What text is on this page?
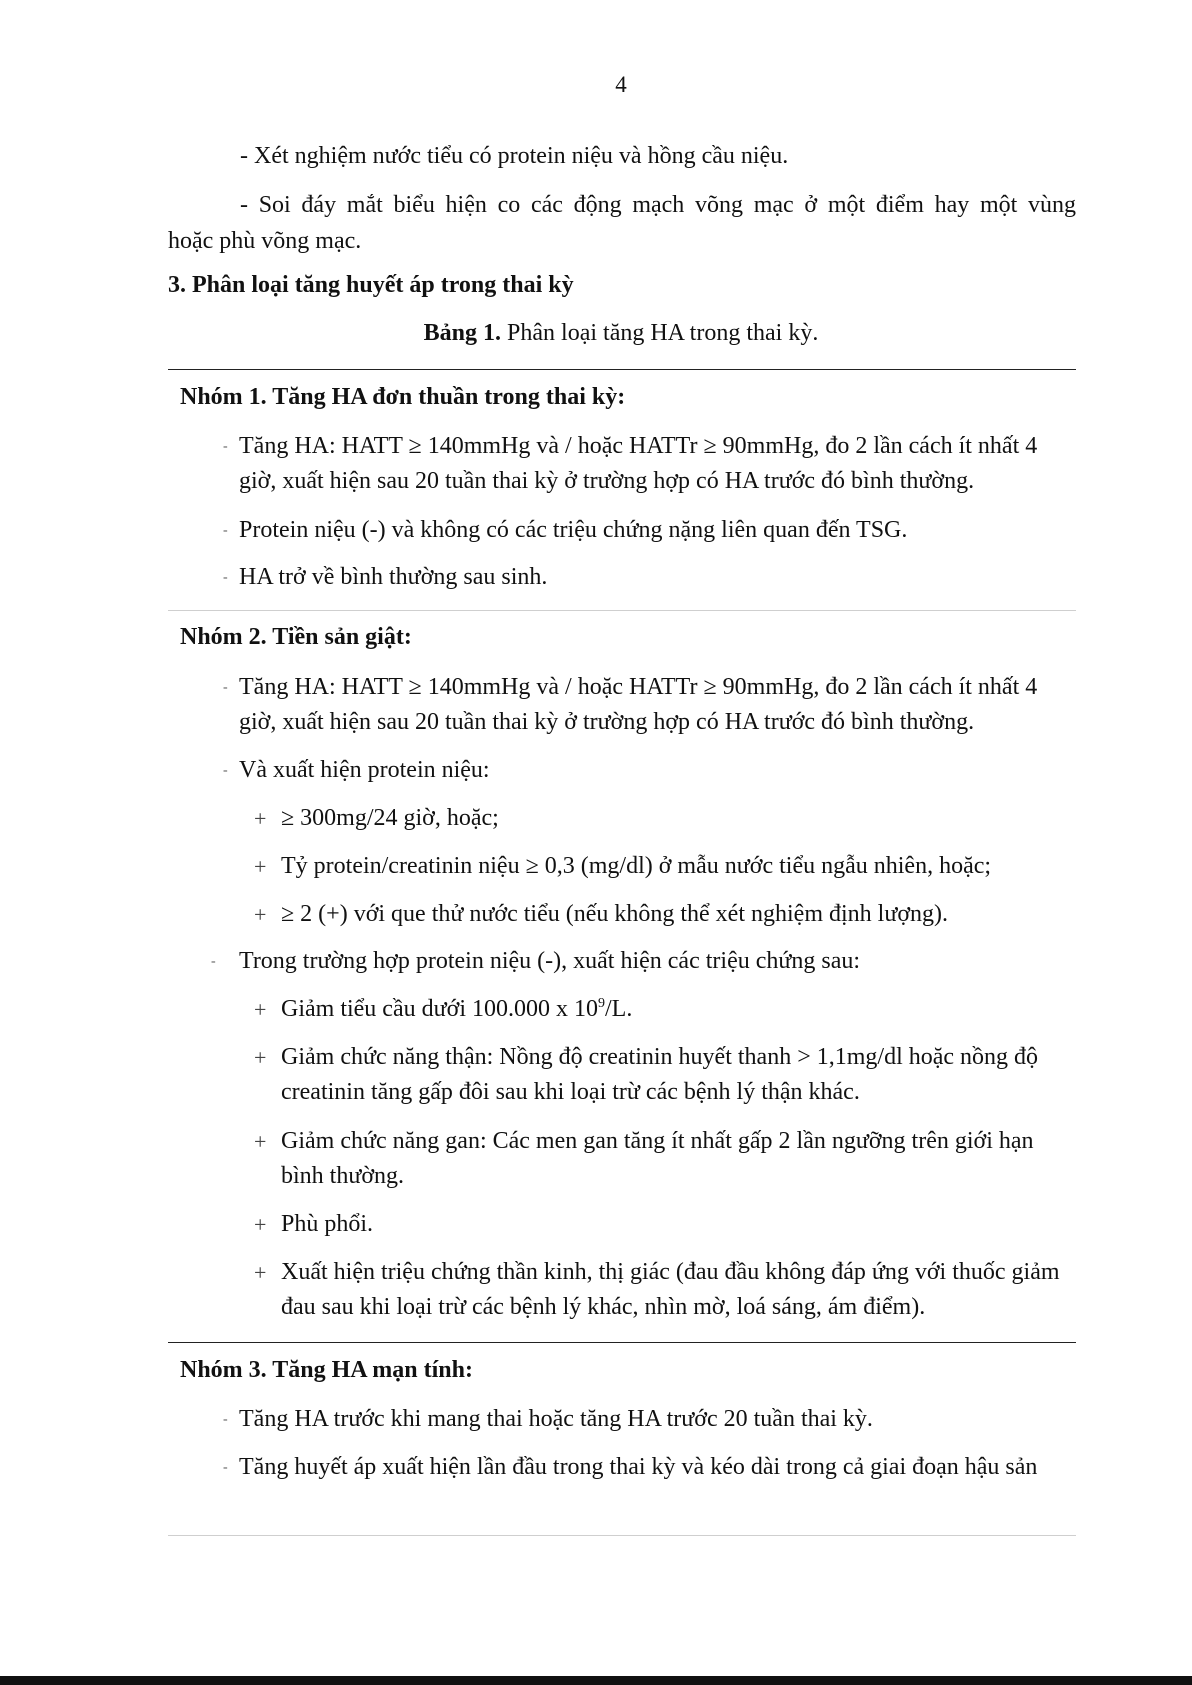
4
- Xét nghiệm nước tiểu có protein niệu và hồng cầu niệu.
- Soi đáy mắt biểu hiện co các động mạch võng mạc ở một điểm hay một vùng
hoặc phù võng mạc.
3. Phân loại tăng huyết áp trong thai kỳ
Bảng 1. Phân loại tăng HA trong thai kỳ.
Nhóm 1. Tăng HA đơn thuần trong thai kỳ:
- Tăng HA: HATT ≥ 140mmHg và / hoặc HATTr ≥ 90mmHg, đo 2 lần cách ít nhất 4 giờ, xuất hiện sau 20 tuần thai kỳ ở trường hợp có HA trước đó bình thường.
- Protein niệu (-) và không có các triệu chứng nặng liên quan đến TSG.
- HA trở về bình thường sau sinh.
Nhóm 2. Tiền sản giật:
- Tăng HA: HATT ≥ 140mmHg và / hoặc HATTr ≥ 90mmHg, đo 2 lần cách ít nhất 4 giờ, xuất hiện sau 20 tuần thai kỳ ở trường hợp có HA trước đó bình thường.
- Và xuất hiện protein niệu:
+ ≥ 300mg/24 giờ, hoặc;
+ Tỷ protein/creatinin niệu ≥ 0,3 (mg/dl) ở mẫu nước tiểu ngẫu nhiên, hoặc;
+ ≥ 2 (+) với que thử nước tiểu (nếu không thể xét nghiệm định lượng).
- Trong trường hợp protein niệu (-), xuất hiện các triệu chứng sau:
+ Giảm tiểu cầu dưới 100.000 x $10^9/L$.
+ Giảm chức năng thận: Nồng độ creatinin huyết thanh > 1,1mg/dl hoặc nồng độ creatinin tăng gấp đôi sau khi loại trừ các bệnh lý thận khác.
+ Giảm chức năng gan: Các men gan tăng ít nhất gấp 2 lần ngưỡng trên giới hạn bình thường.
+ Phù phổi.
+ Xuất hiện triệu chứng thần kinh, thị giác (đau đầu không đáp ứng với thuốc giảm đau sau khi loại trừ các bệnh lý khác, nhìn mờ, loá sáng, ám điểm).
Nhóm 3. Tăng HA mạn tính:
- Tăng HA trước khi mang thai hoặc tăng HA trước 20 tuần thai kỳ.
- Tăng huyết áp xuất hiện lần đầu trong thai kỳ và kéo dài trong cả giai đoạn hậu sản
